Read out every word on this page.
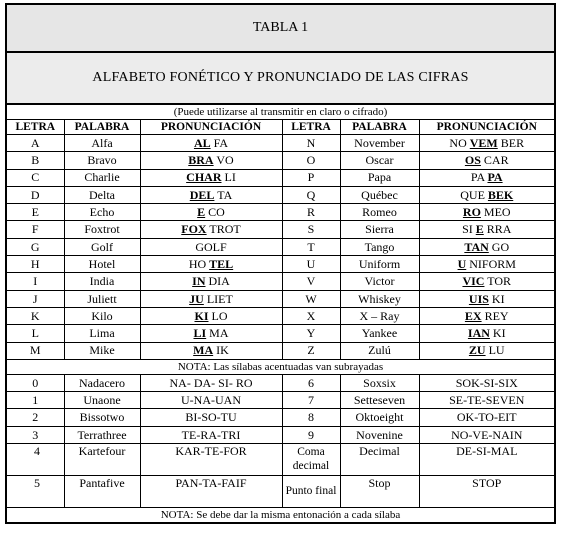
TABLA 1					
ALFABETO FONÉTICO Y PRONUNCIADO DE LAS CIFRAS					
(Puede utilizarse al transmitir en claro o cifrado)					
LETRA	PALABRA	PRONUNCIACIÓN	LETRA	PALABRA	PRONUNCIACIÓN
A	Alfa	AL FA	N	November	NO VEM BER
B	Bravo	BRA VO	O	Oscar	OS CAR
C	Charlie	CHAR LI	P	Papa	PA PA
D	Delta	DEL TA	Q	Québec	QUE BEK
E	Echo	E CO	R	Romeo	RO MEO
F	Foxtrot	FOX TROT	S	Sierra	SI E RRA
G	Golf	GOLF	T	Tango	TAN GO
H	Hotel	HO TEL	U	Uniform	U NIFORM
I	India	IN DIA	V	Victor	VIC TOR
J	Juliett	JU LIET	W	Whiskey	UIS KI
K	Kilo	KI LO	X	X – Ray	EX REY
L	Lima	LI MA	Y	Yankee	IAN KI
M	Mike	MA IK	Z	Zulú	ZU LU
NOTA: Las sílabas acentuadas van subrayadas					
0	Nadacero	NA- DA- SI- RO	6	Soxsix	SOK-SI-SIX
1	Unaone	U-NA-UAN	7	Setteseven	SE-TE-SEVEN
2	Bissotwo	BI-SO-TU	8	Oktoeight	OK-TO-EIT
3	Terrathree	TE-RA-TRI	9	Novenine	NO-VE-NAIN
4	Kartefour	KAR-TE-FOR	Coma decimal	Decimal	DE-SI-MAL
5	Pantafive	PAN-TA-FAIF	Punto final	Stop	STOP
NOTA: Se debe dar la misma entonación a cada sílaba					
